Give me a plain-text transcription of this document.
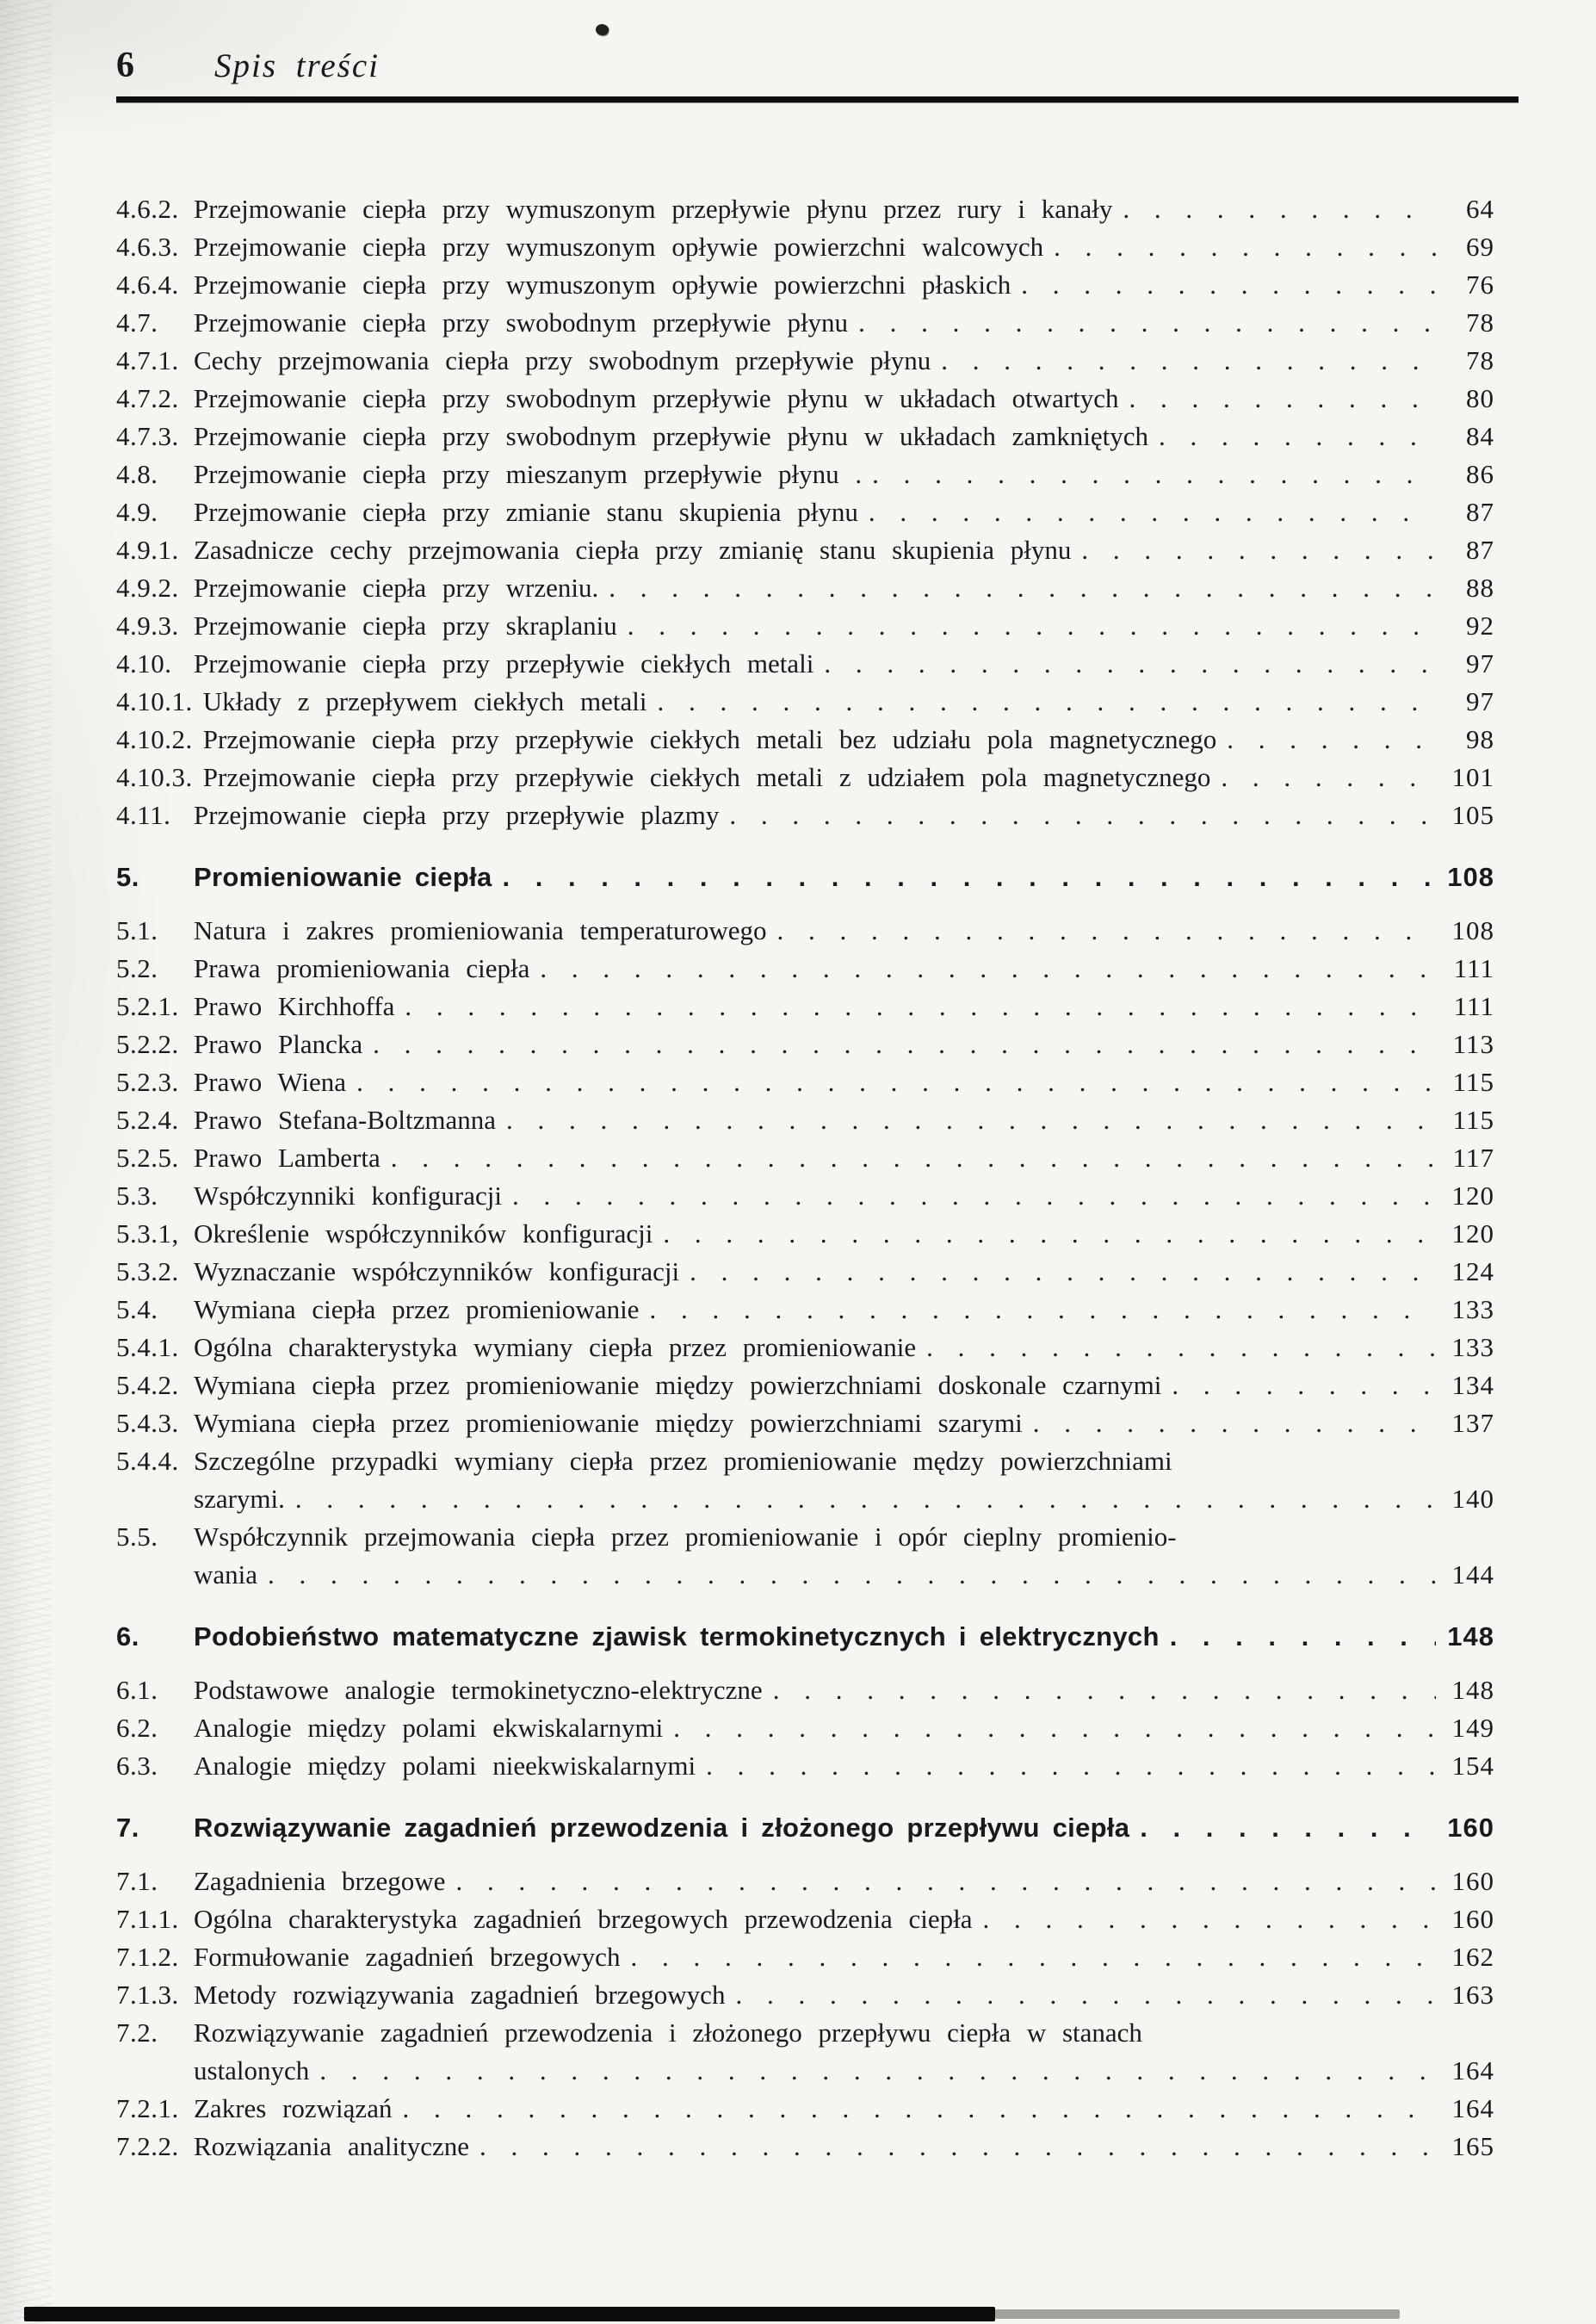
6 Spis treści
4.6.2. Przejmowanie ciepła przy wymuszonym przepływie płynu przez rury i kanały . . .	64
4.6.3. Przejmowanie ciepła przy wymuszonym opływie powierzchni walcowych . . .	69
4.6.4. Przejmowanie ciepła przy wymuszonym opływie powierzchni płaskich . . .	76
4.7.	Przejmowanie ciepła przy swobodnym przepływie płynu . . .	78
4.7.1. Cechy przejmowania ciepła przy swobodnym przepływie płynu . . .	78
4.7.2. Przejmowanie ciepła przy swobodnym przepływie płynu w układach otwartych . . .	80
4.7.3. Przejmowanie ciepła przy swobodnym przepływie płynu w układach zamkniętych . . .	84
4.8.	Przejmowanie ciepła przy mieszanym przepływie płynu . . . .	86
4.9.	Przejmowanie ciepła przy zmianie stanu skupienia płynu . . .	87
4.9.1. Zasadnicze cechy przejmowania ciepła przy zmianię stanu skupienia płynu . . .	87
4.9.2. Przejmowanie ciepła przy wrzeniu. . . .	88
4.9.3. Przejmowanie ciepła przy skraplaniu . . .	92
4.10. Przejmowanie ciepła przy przepływie ciekłych metali . . .	97
4.10.1. Układy z przepływem ciekłych metali . . .	97
4.10.2. Przejmowanie ciepła przy przepływie ciekłych metali bez udziału pola magnetycznego . . .	98
4.10.3. Przejmowanie ciepła przy przepływie ciekłych metali z udziałem pola magnetycznego . . .	101
4.11. Przejmowanie ciepła przy przepływie plazmy . . .	105
5.	Promieniowanie ciepła . . .	108
5.1.	Natura i zakres promieniowania temperaturowego . . .	108
5.2.	Prawa promieniowania ciepła . . .	111
5.2.1. Prawo Kirchhoffa . . .	111
5.2.2. Prawo Plancka . . .	113
5.2.3. Prawo Wiena . . .	115
5.2.4. Prawo Stefana-Boltzmanna . . .	115
5.2.5. Prawo Lamberta . . .	117
5.3.	Współczynniki konfiguracji . . .	120
5.3.1, Określenie współczynników konfiguracji . . .	120
5.3.2. Wyznaczanie współczynników konfiguracji . . .	124
5.4.	Wymiana ciepła przez promieniowanie . . .	133
5.4.1. Ogólna charakterystyka wymiany ciepła przez promieniowanie . . .	133
5.4.2. Wymiana ciepła przez promieniowanie między powierzchniami doskonale czarnymi . . .	134
5.4.3. Wymiana ciepła przez promieniowanie między powierzchniami szarymi . . .	137
5.4.4. Szczególne przypadki wymiany ciepła przez promieniowanie mędzy powierzchniami
szarymi. . . .	140
5.5.	Współczynnik przejmowania ciepła przez promieniowanie i opór cieplny promienio-
wania . . .	144
6.	Podobieństwo matematyczne zjawisk termokinetycznych i elektrycznych . . .	148
6.1.	Podstawowe analogie termokinetyczno-elektryczne . . .	148
6.2.	Analogie między polami ekwiskalarnymi . . .	149
6.3.	Analogie między polami nieekwiskalarnymi . . .	154
7.	Rozwiązywanie zagadnień przewodzenia i złożonego przepływu ciepła . . .	160
7.1.	Zagadnienia brzegowe . . .	160
7.1.1. Ogólna charakterystyka zagadnień brzegowych przewodzenia ciepła . . .	160
7.1.2. Formułowanie zagadnień brzegowych . . .	162
7.1.3. Metody rozwiązywania zagadnień brzegowych . . .	163
7.2.	Rozwiązywanie zagadnień przewodzenia i złożonego przepływu ciepła w stanach
ustalonych . . .	164
7.2.1. Zakres rozwiązań . . .	164
7.2.2. Rozwiązania analityczne . . .	165
